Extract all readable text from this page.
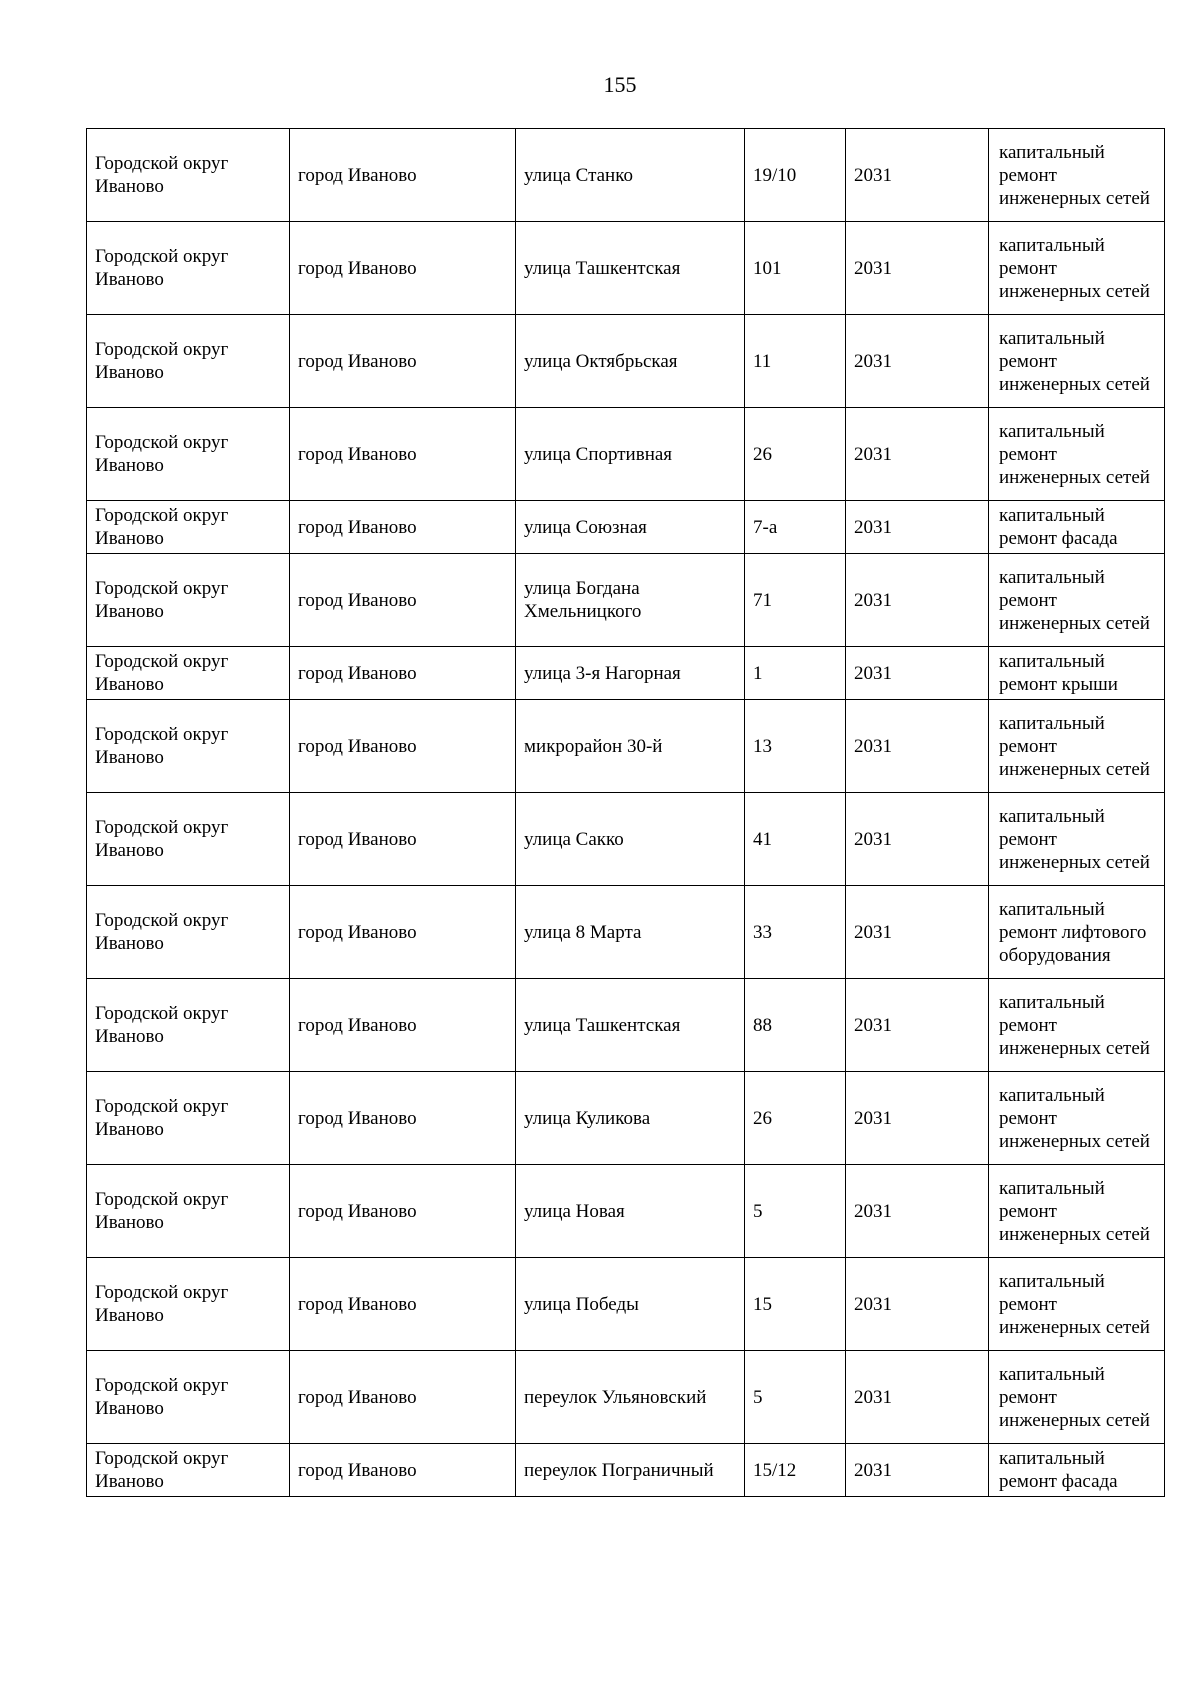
155
Городской округ Иваново	город Иваново	улица Станко	19/10	2031	капитальный ремонт инженерных сетей
Городской округ Иваново	город Иваново	улица Ташкентская	101	2031	капитальный ремонт инженерных сетей
Городской округ Иваново	город Иваново	улица Октябрьская	11	2031	капитальный ремонт инженерных сетей
Городской округ Иваново	город Иваново	улица Спортивная	26	2031	капитальный ремонт инженерных сетей
Городской округ Иваново	город Иваново	улица Союзная	7-а	2031	капитальный ремонт фасада
Городской округ Иваново	город Иваново	улица Богдана Хмельницкого	71	2031	капитальный ремонт инженерных сетей
Городской округ Иваново	город Иваново	улица 3-я Нагорная	1	2031	капитальный ремонт крыши
Городской округ Иваново	город Иваново	микрорайон 30-й	13	2031	капитальный ремонт инженерных сетей
Городской округ Иваново	город Иваново	улица Сакко	41	2031	капитальный ремонт инженерных сетей
Городской округ Иваново	город Иваново	улица 8 Марта	33	2031	капитальный ремонт лифтового оборудования
Городской округ Иваново	город Иваново	улица Ташкентская	88	2031	капитальный ремонт инженерных сетей
Городской округ Иваново	город Иваново	улица Куликова	26	2031	капитальный ремонт инженерных сетей
Городской округ Иваново	город Иваново	улица Новая	5	2031	капитальный ремонт инженерных сетей
Городской округ Иваново	город Иваново	улица Победы	15	2031	капитальный ремонт инженерных сетей
Городской округ Иваново	город Иваново	переулок Ульяновский	5	2031	капитальный ремонт инженерных сетей
Городской округ Иваново	город Иваново	переулок Пограничный	15/12	2031	капитальный ремонт фасада
